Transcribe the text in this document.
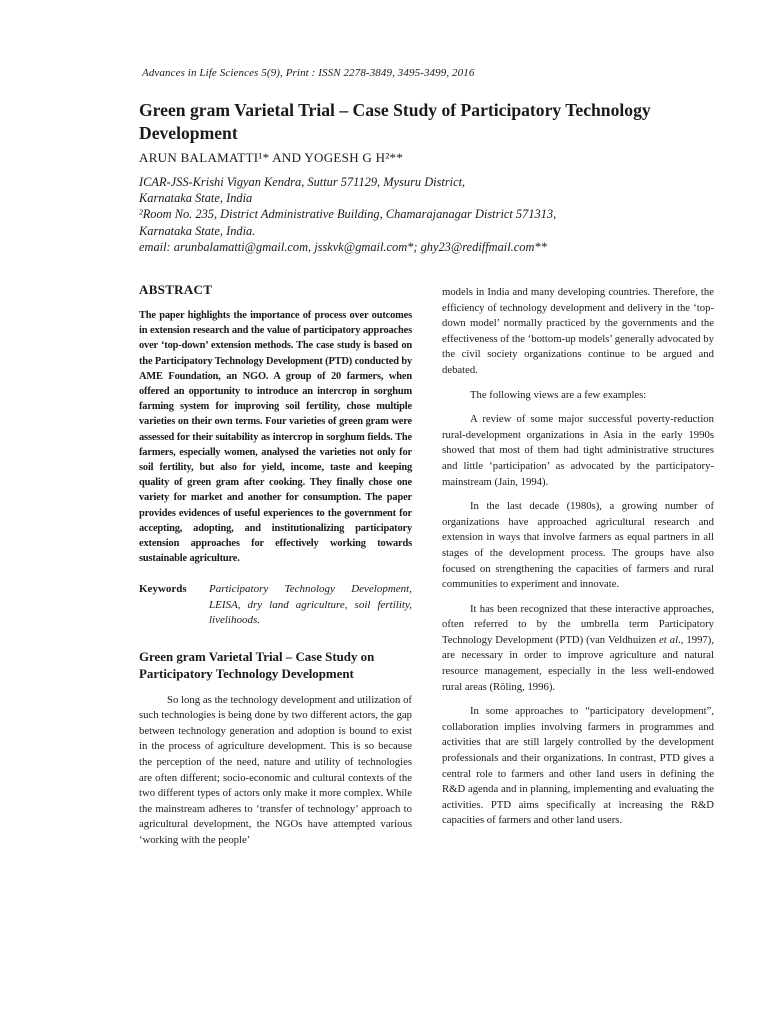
Advances in Life Sciences 5(9), Print : ISSN 2278-3849, 3495-3499, 2016
Green gram Varietal Trial – Case Study of Participatory Technology Development
ARUN BALAMATTI¹* AND YOGESH G H²**
ICAR-JSS-Krishi Vigyan Kendra, Suttur 571129, Mysuru District,
Karnataka State, India
²Room No. 235, District Administrative Building, Chamarajanagar District 571313,
Karnataka State, India.
email: arunbalamatti@gmail.com, jsskvk@gmail.com*; ghy23@rediffmail.com**
ABSTRACT

The paper highlights the importance of process over outcomes in extension research and the value of participatory approaches over ‘top-down’ extension methods. The case study is based on the Participatory Technology Development (PTD) conducted by AME Foundation, an NGO. A group of 20 farmers, when offered an opportunity to introduce an intercrop in sorghum farming system for improving soil fertility, chose multiple varieties on their own terms. Four varieties of green gram were assessed for their suitability as intercrop in sorghum fields. The farmers, especially women, analysed the varieties not only for soil fertility, but also for yield, income, taste and keeping quality of green gram after cooking. They finally chose one variety for market and another for consumption. The paper provides evidences of useful experiences to the government for accepting, adopting, and institutionalizing participatory extension approaches for effectively working towards sustainable agriculture.

Keywords	Participatory Technology Development, LEISA, dry land agriculture, soil fertility, livelihoods.
Green gram Varietal Trial – Case Study on Participatory Technology Development

So long as the technology development and utilization of such technologies is being done by two different actors, the gap between technology generation and adoption is bound to exist in the process of agriculture development. This is so because the perception of the need, nature and utility of technologies are often different; socio-economic and cultural contexts of the two different types of actors only make it more complex. While the mainstream adheres to ‘transfer of technology’ approach to agricultural development, the NGOs have attempted various ‘working with the people’

models in India and many developing countries. Therefore, the efficiency of technology development and delivery in the ‘top-down model’ normally practiced by the governments and the effectiveness of the ‘bottom-up models’ generally advocated by the civil society organizations continue to be argued and debated.

The following views are a few examples:

A review of some major successful poverty-reduction rural-development organizations in Asia in the early 1990s showed that most of them had tight administrative structures and little ‘participation’ as advocated by the participatory-mainstream (Jain, 1994).

In the last decade (1980s), a growing number of organizations have approached agricultural research and extension in ways that involve farmers as equal partners in all stages of the development process. The groups have also focused on strengthening the capacities of farmers and rural communities to experiment and innovate.

It has been recognized that these interactive approaches, often referred to by the umbrella term Participatory Technology Development (PTD) (van Veldhuizen et al., 1997), are necessary in order to improve agriculture and natural resource management, especially in the less well-endowed rural areas (Röling, 1996).

In some approaches to “participatory development”, collaboration implies involving farmers in programmes and activities that are still largely controlled by the development professionals and their organizations. In contrast, PTD gives a central role to farmers and other land users in defining the R&D agenda and in planning, implementing and evaluating the activities. PTD aims specifically at increasing the R&D capacities of farmers and other land users.
